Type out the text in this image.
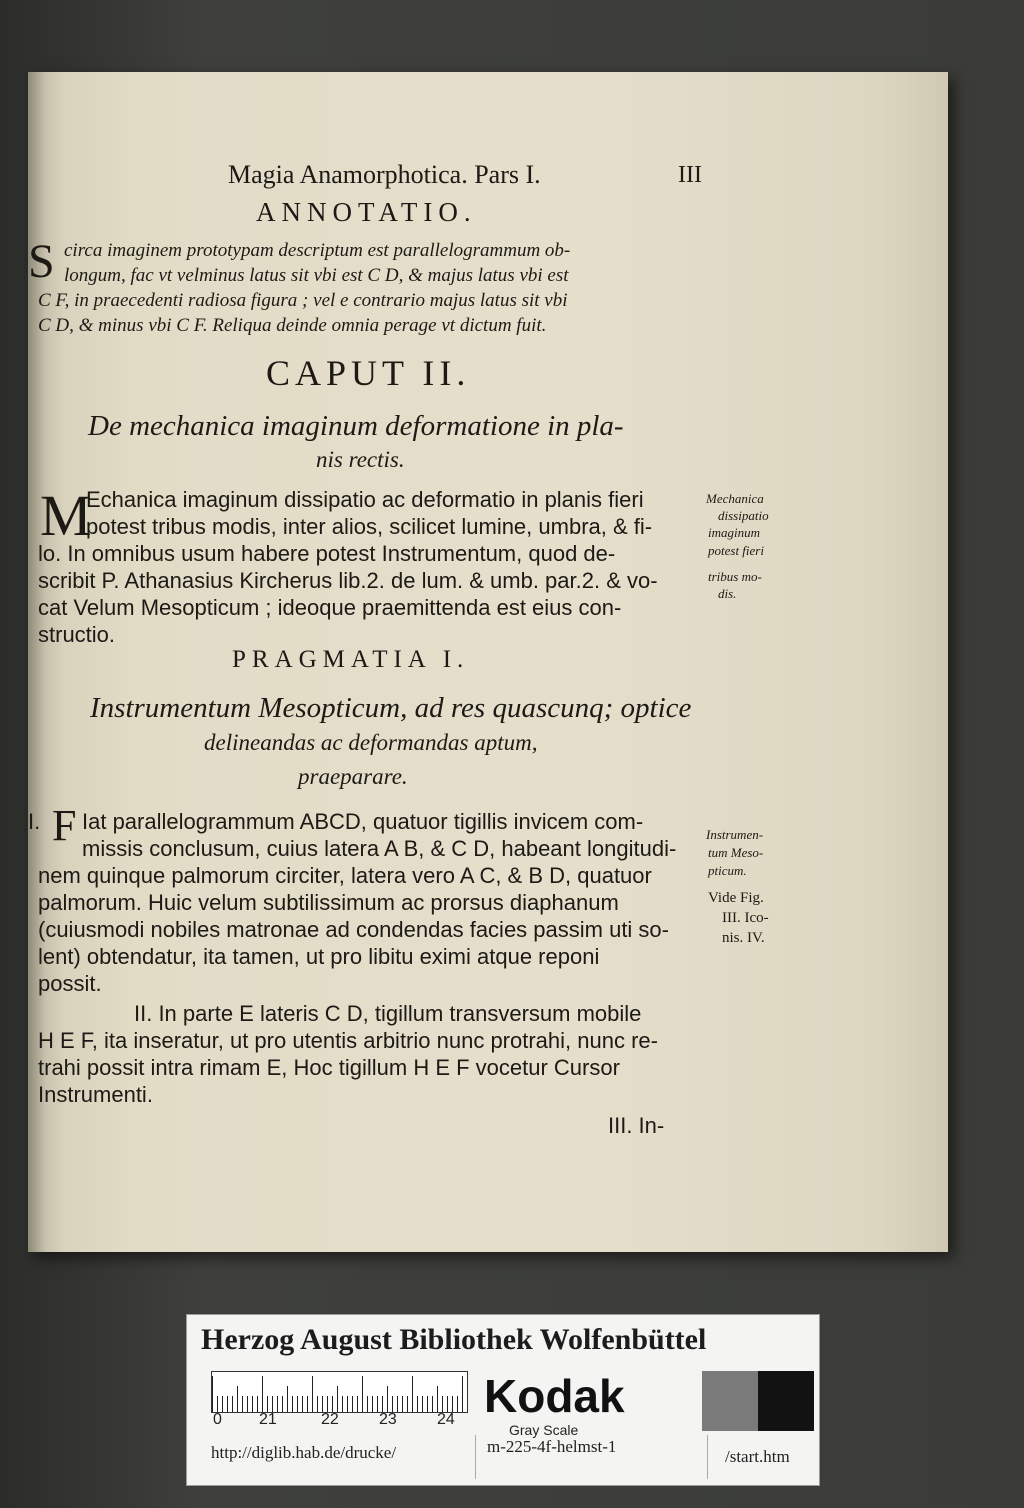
Magia Anamorphotica. Pars I.	III
ANNOTATIO.
S circa imaginem prototypam descriptum est parallelogrammum ob-
longum, fac vt velminus latus sit vbi est C D, & majus latus vbi est
C F, in praecedenti radiosa figura ; vel e contrario majus latus sit vbi
C D, & minus vbi C F. Reliqua deinde omnia perage vt dictum fuit.
CAPUT II.
De mechanica imaginum deformatione in pla-
nis rectis.
M
Echanica imaginum dissipatio ac deformatio in planis fieri
potest tribus modis, inter alios, scilicet lumine, umbra, & fi-
lo. In omnibus usum habere potest Instrumentum, quod de-
scribit P. Athanasius Kircherus lib.2. de lum. & umb. par.2. & vo-
cat Velum Mesopticum ; ideoque praemittenda est eius con-
structio.
Mechanica
dissipatio
imaginum
potest fieri
tribus mo-
dis.
PRAGMATIA I.
Instrumentum Mesopticum, ad res quascunq; optice
delineandas ac deformandas aptum,
praeparare.
I. F Iat parallelogrammum ABCD, quatuor tigillis invicem com-
missis conclusum, cuius latera A B, & C D, habeant longitudi-
nem quinque palmorum circiter, latera vero A C, & B D, quatuor
palmorum. Huic velum subtilissimum ac prorsus diaphanum
(cuiusmodi nobiles matronae ad condendas facies passim uti so-
lent) obtendatur, ita tamen, ut pro libitu eximi atque reponi
possit.
Instrumen-
tum Meso-
pticum.
Vide Fig.
III. Ico-
nis. IV.
II. In parte E lateris C D, tigillum transversum mobile
H E F, ita inseratur, ut pro utentis arbitrio nunc protrahi, nunc re-
trahi possit intra rimam E, Hoc tigillum H E F vocetur Cursor
Instrumenti.
III. In-
Herzog August Bibliothek Wolfenbüttel
0 21	22	23	24 Kodak
Gray Scale
http://diglib.hab.de/drucke/	m-225-4f-helmst-1
/start.htm
